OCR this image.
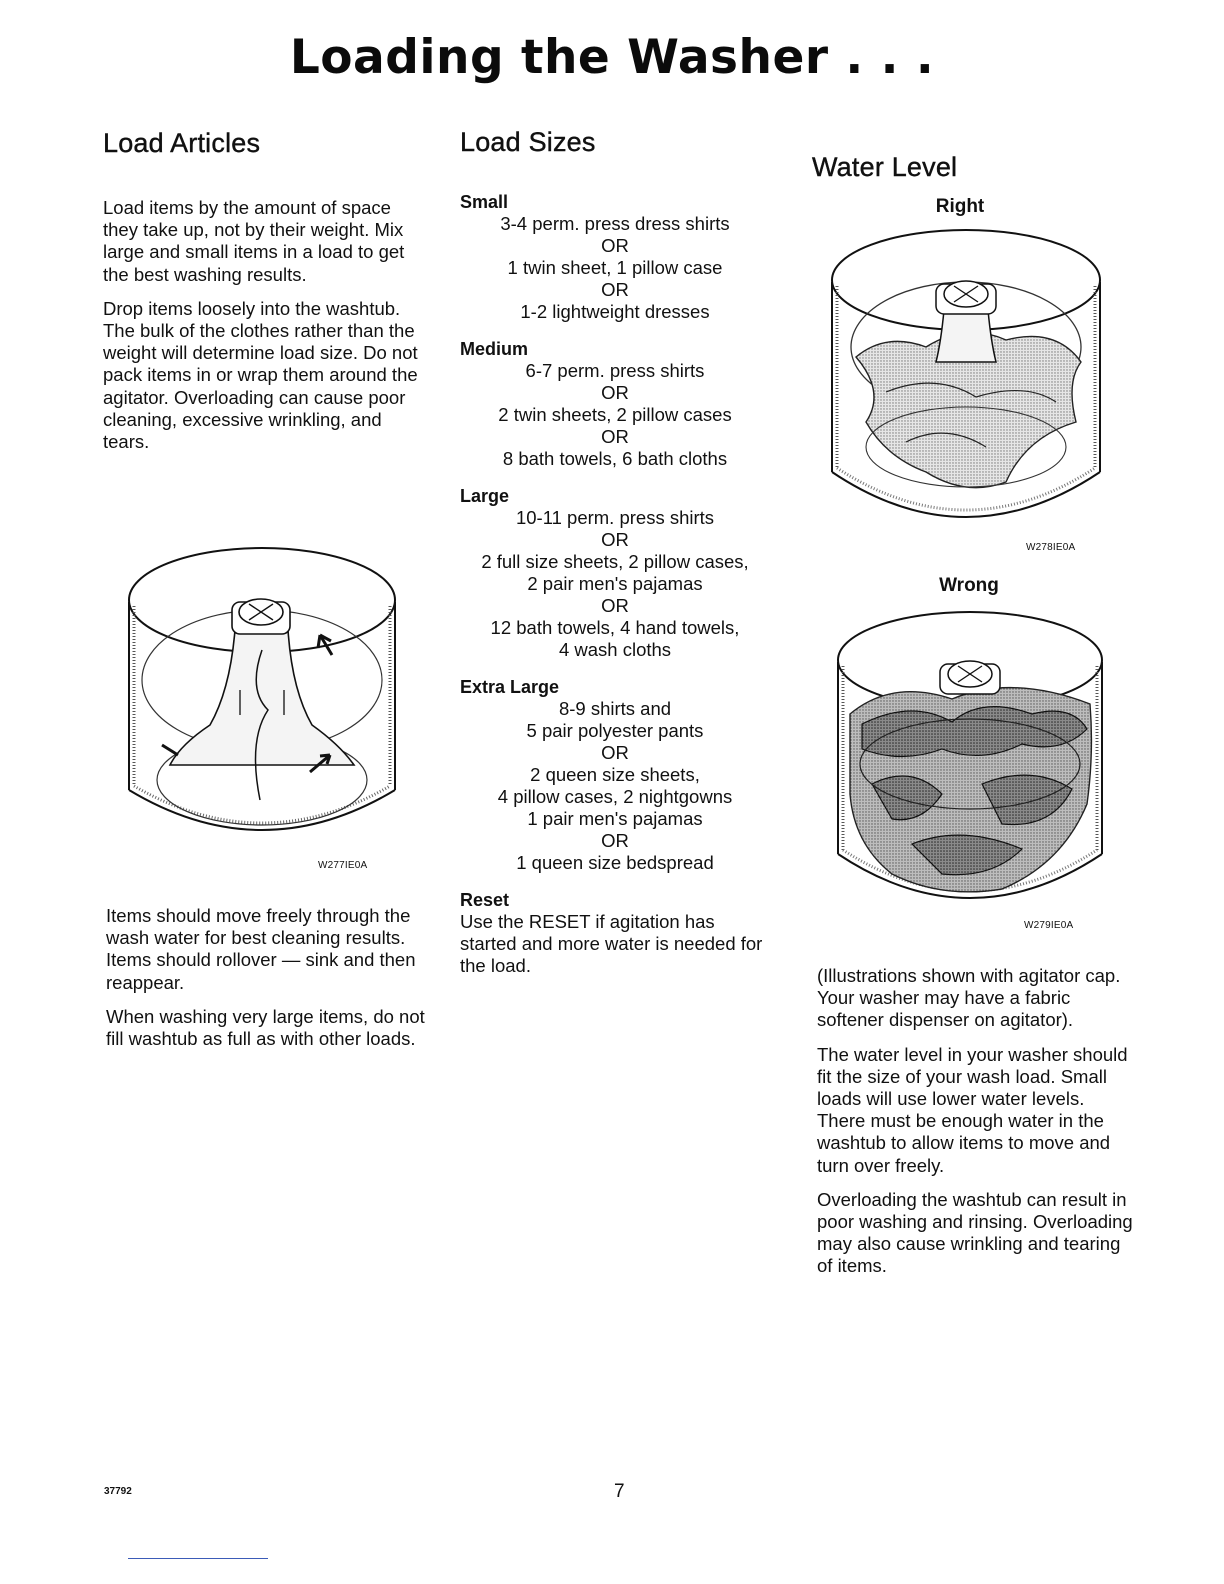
Loading the Washer . . .
Load Articles

Load items by the amount of space they take up, not by their weight. Mix large and small items in a load to get the best washing results.

Drop items loosely into the washtub. The bulk of the clothes rather than the weight will determine load size. Do not pack items in or wrap them around the agitator. Overloading can cause poor cleaning, excessive wrinkling, and tears.

W277IE0A

Items should move freely through the wash water for best cleaning results. Items should rollover — sink and then reappear.

When washing very large items, do not fill washtub as full as with other loads.

Load Sizes

Small

3-4 perm. press dress shirts
OR
1 twin sheet, 1 pillow case
OR
1-2 lightweight dresses

Medium

6-7 perm. press shirts
OR
2 twin sheets, 2 pillow cases
OR
8 bath towels, 6 bath cloths

Large

10-11 perm. press shirts
OR
2 full size sheets, 2 pillow cases,
2 pair men's pajamas
OR
12 bath towels, 4 hand towels,
4 wash cloths

Extra Large

8-9 shirts and
5 pair polyester pants
OR
2 queen size sheets,
4 pillow cases, 2 nightgowns
1 pair men's pajamas
OR
1 queen size bedspread

Reset

Use the RESET if agitation has started and more water is needed for the load.

Water Level
Right
W278IE0A
Wrong
W279IE0A

(Illustrations shown with agitator cap. Your washer may have a fabric softener dispenser on agitator).

The water level in your washer should fit the size of your wash load. Small loads will use lower water levels. There must be enough water in the washtub to allow items to move and turn over freely.

Overloading the washtub can result in poor washing and rinsing. Overloading may also cause wrinkling and tearing of items.

37792	7
